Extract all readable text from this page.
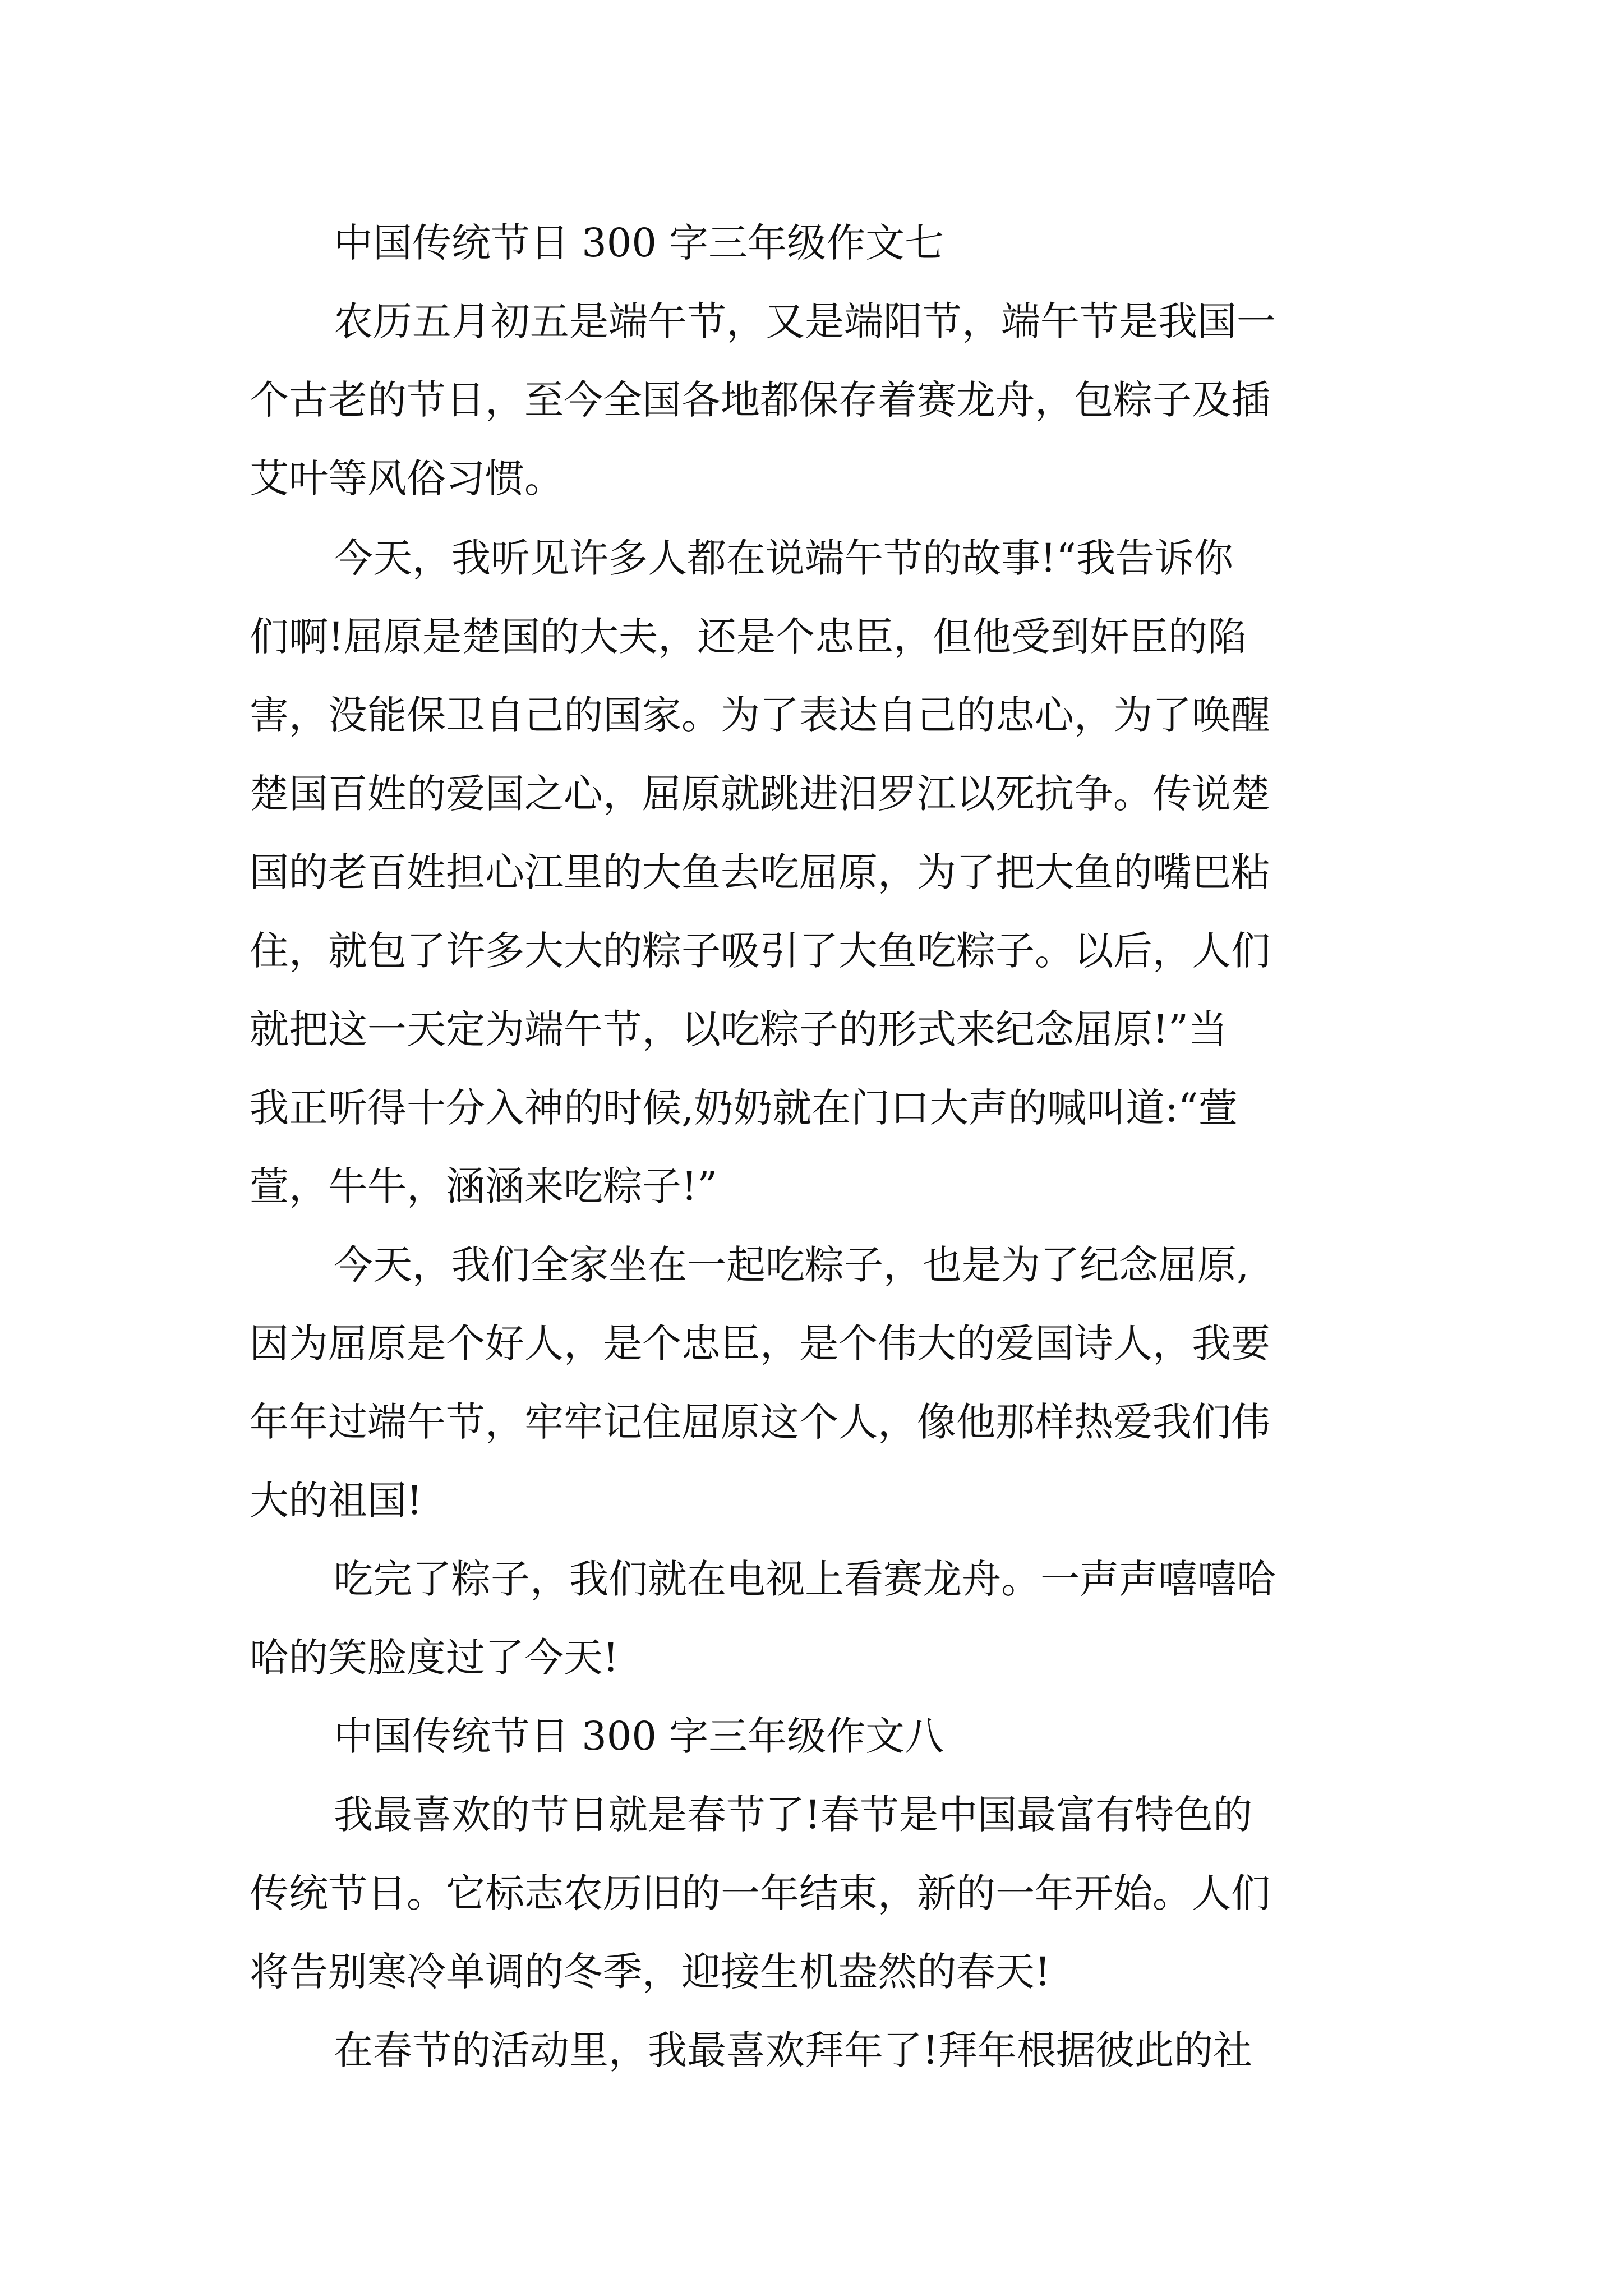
中国传统节日 300 字三年级作文七
农历五月初五是端午节，又是端阳节，端午节是我国一
个古老的节日，至今全国各地都保存着赛龙舟，包粽子及插
艾叶等风俗习惯。
今天，我听见许多人都在说端午节的故事!“我告诉你
们啊!屈原是楚国的大夫，还是个忠臣，但他受到奸臣的陷
害，没能保卫自己的国家。为了表达自己的忠心，为了唤醒
楚国百姓的爱国之心，屈原就跳进汨罗江以死抗争。传说楚
国的老百姓担心江里的大鱼去吃屈原，为了把大鱼的嘴巴粘
住，就包了许多大大的粽子吸引了大鱼吃粽子。以后，人们
就把这一天定为端午节，以吃粽子的形式来纪念屈原!”当
我正听得十分入神的时候,奶奶就在门口大声的喊叫道:“萱
萱，牛牛，涵涵来吃粽子!”
今天，我们全家坐在一起吃粽子，也是为了纪念屈原,
因为屈原是个好人，是个忠臣，是个伟大的爱国诗人，我要
年年过端午节，牢牢记住屈原这个人，像他那样热爱我们伟
大的祖国!
吃完了粽子，我们就在电视上看赛龙舟。一声声嘻嘻哈
哈的笑脸度过了今天!
中国传统节日 300 字三年级作文八
我最喜欢的节日就是春节了!春节是中国最富有特色的
传统节日。它标志农历旧的一年结束，新的一年开始。人们
将告别寒冷单调的冬季，迎接生机盎然的春天!
在春节的活动里，我最喜欢拜年了!拜年根据彼此的社
